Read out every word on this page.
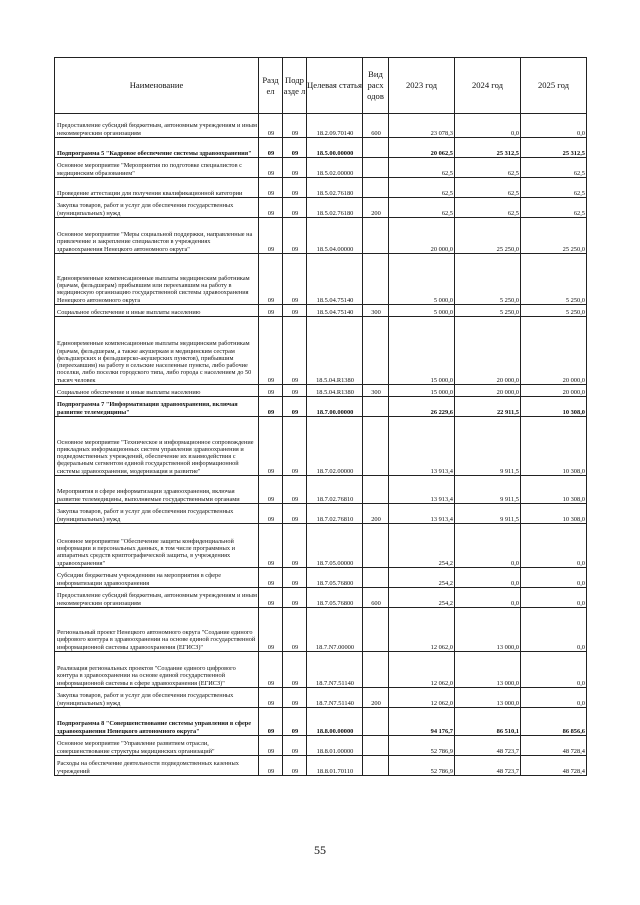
Наименование	Разд ел	Подр азде л	Целевая статья	Вид расх одов	2023 год	2024 год	2025 год
Предоставление субсидий бюджетным, автономным учреждениям и иным некоммерческим организациям	09	09	18.2.09.70140	600	23 078,3	0,0	0,0
Подпрограмма 5 "Кадровое обеспечение системы здравоохранения"	09	09	18.5.00.00000		20 062,5	25 312,5	25 312,5
Основное мероприятие "Мероприятия по подготовке специалистов с медицинским образованием"	09	09	18.5.02.00000		62,5	62,5	62,5
Проведение аттестации для получения квалификационной категории	09	09	18.5.02.76180		62,5	62,5	62,5
Закупка товаров, работ и услуг для обеспечения государственных (муниципальных) нужд	09	09	18.5.02.76180	200	62,5	62,5	62,5
Основное мероприятие "Меры социальной поддержки, направленные на привлечение и закрепление специалистов в учреждениях здравоохранения Ненецкого автономного округа"	09	09	18.5.04.00000		20 000,0	25 250,0	25 250,0
Единовременные компенсационные выплаты медицинским работникам (врачам, фельдшерам) прибывшим или переехавшим на работу в медицинскую организацию государственной системы здравоохранения Ненецкого автономного округа	09	09	18.5.04.75140		5 000,0	5 250,0	5 250,0
Социальное обеспечение и иные выплаты населению	09	09	18.5.04.75140	300	5 000,0	5 250,0	5 250,0
Единовременные компенсационные выплаты медицинским работникам (врачам, фельдшерам, а также акушеркам и медицинским сестрам фельдшерских и фельдшерско-акушерских пунктов), прибывшим (переехавшим) на работу в сельские населенные пункты, либо рабочие поселки, либо поселки городского типа, либо города с населением до 50 тысяч человек	09	09	18.5.04.R1380		15 000,0	20 000,0	20 000,0
Социальное обеспечение и иные выплаты населению	09	09	18.5.04.R1380	300	15 000,0	20 000,0	20 000,0
Подпрограмма 7 "Информатизация здравоохранения, включая развитие телемедицины"	09	09	18.7.00.00000		26 229,6	22 911,5	10 308,0
Основное мероприятие "Техническое и информационное сопровождение прикладных информационных систем управления здравоохранения и подведомственных учреждений, обеспечение их взаимодействия с федеральным сегментом единой государственной информационной системы здравоохранения, модернизация и развитие"	09	09	18.7.02.00000		13 913,4	9 911,5	10 308,0
Мероприятия в сфере информатизации здравоохранения, включая развитие телемедицины, выполняемые государственными органами	09	09	18.7.02.76810		13 913,4	9 911,5	10 308,0
Закупка товаров, работ и услуг для обеспечения государственных (муниципальных) нужд	09	09	18.7.02.76810	200	13 913,4	9 911,5	10 308,0
Основное мероприятие "Обеспечение защиты конфиденциальной информации и персональных данных, в том числе программных и аппаратных средств криптографической защиты, в учреждениях здравоохранения"	09	09	18.7.05.00000		254,2	0,0	0,0
Субсидии бюджетным учреждениям на мероприятия в сфере информатизации здравоохранения	09	09	18.7.05.76800		254,2	0,0	0,0
Предоставление субсидий бюджетным, автономным учреждениям и иным некоммерческим организациям	09	09	18.7.05.76800	600	254,2	0,0	0,0
Региональный проект Ненецкого автономного округа "Создание единого цифрового контура в здравоохранении на основе единой государственной информационной системы здравоохранения (ЕГИСЗ)"	09	09	18.7.N7.00000		12 062,0	13 000,0	0,0
Реализация региональных проектов "Создание единого цифрового контура в здравоохранении на основе единой государственной информационной системы в сфере здравоохранения (ЕГИСЗ)"	09	09	18.7.N7.51140		12 062,0	13 000,0	0,0
Закупка товаров, работ и услуг для обеспечения государственных (муниципальных) нужд	09	09	18.7.N7.51140	200	12 062,0	13 000,0	0,0
Подпрограмма 8 "Совершенствование системы управления в сфере здравоохранения Ненецкого автономного округа"	09	09	18.8.00.00000		94 176,7	86 510,1	86 856,6
Основное мероприятие "Управление развитием отрасли, совершенствование структуры медицинских организаций"	09	09	18.8.01.00000		52 786,9	48 723,7	48 728,4
Расходы на обеспечение деятельности подведомственных казенных учреждений	09	09	18.8.01.70110		52 786,9	48 723,7	48 728,4
55
